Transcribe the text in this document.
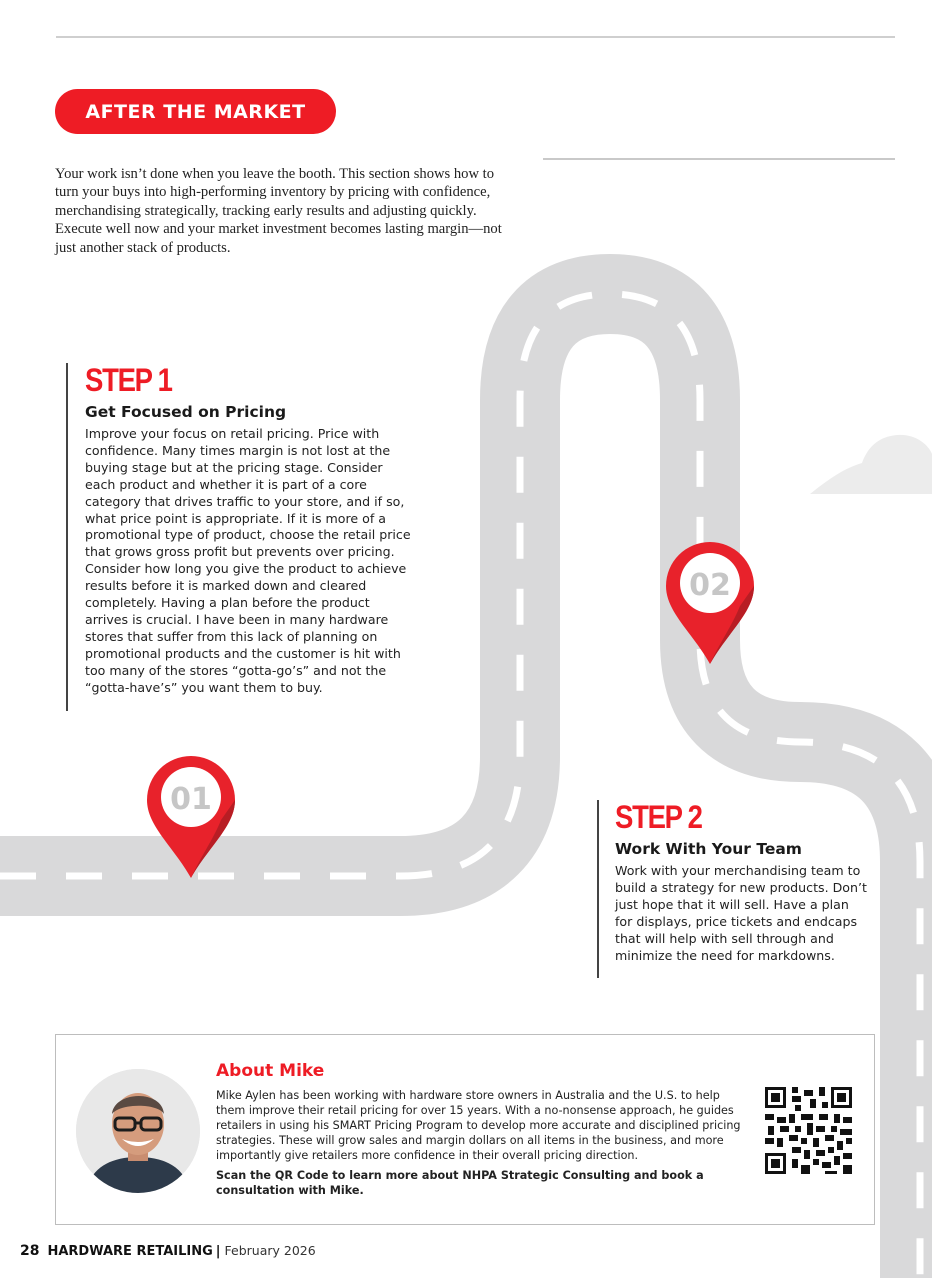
AFTER THE MARKET
Your work isn’t done when you leave the booth. This section shows how to turn your buys into high-performing inventory by pricing with confidence, merchandising strategically, tracking early results and adjusting quickly. Execute well now and your market investment becomes lasting margin—not just another stack of products.
01
02
STEP 1
Get Focused on Pricing
Improve your focus on retail pricing. Price with confidence. Many times margin is not lost at the buying stage but at the pricing stage. Consider each product and whether it is part of a core category that drives traffic to your store, and if so, what price point is appropriate. If it is more of a promotional type of product, choose the retail price that grows gross profit but prevents over pricing. Consider how long you give the product to achieve results before it is marked down and cleared completely. Having a plan before the product arrives is crucial. I have been in many hardware stores that suffer from this lack of planning on promotional products and the customer is hit with too many of the stores “gotta-go’s” and not the “gotta-have’s” you want them to buy.
STEP 2
Work With Your Team
Work with your merchandising team to build a strategy for new products. Don’t just hope that it will sell. Have a plan for displays, price tickets and endcaps that will help with sell through and minimize the need for markdowns.
About Mike
Mike Aylen has been working with hardware store owners in Australia and the U.S. to help them improve their retail pricing for over 15 years. With a no-nonsense approach, he guides retailers in using his SMART Pricing Program to develop more accurate and disciplined pricing strategies. These will grow sales and margin dollars on all items in the business, and more importantly give retailers more confidence in their overall pricing direction.
Scan the QR Code to learn more about NHPA Strategic Consulting and book a consultation with Mike.
28 HARDWARE RETAILING | February 2026
